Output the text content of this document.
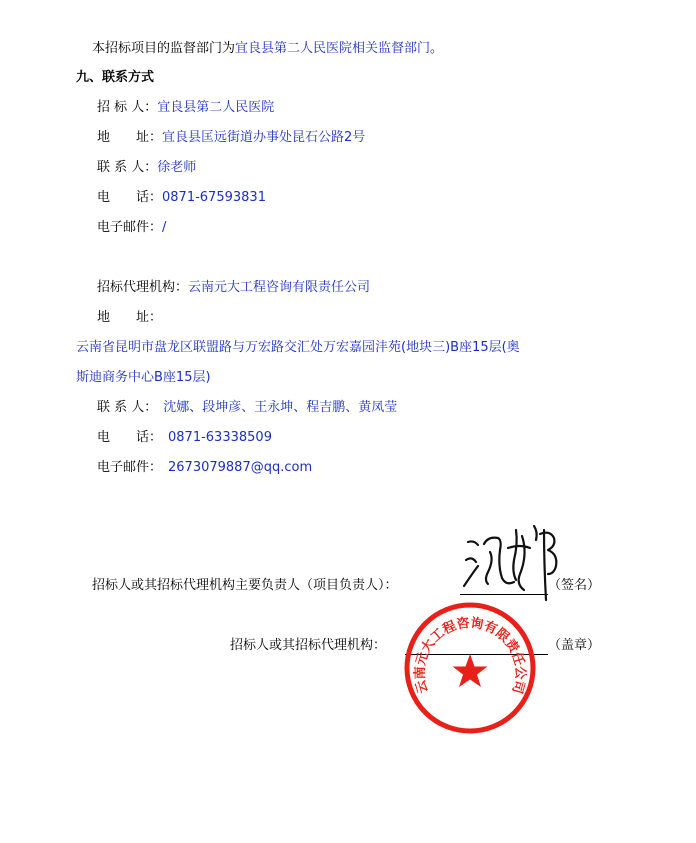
本招标项目的监督部门为宜良县第二人民医院相关监督部门。
九、联系方式
招 标 人：宜良县第二人民医院
地　　址：宜良县匡远街道办事处昆石公路2号
联 系 人：徐老师
电　　话：0871-67593831
电子邮件：/
招标代理机构：云南元大工程咨询有限责任公司
地　　址：
云南省昆明市盘龙区联盟路与万宏路交汇处万宏嘉园沣苑(地块三)B座15层(奥
斯迪商务中心B座15层)
联 系 人： 沈娜、段坤彦、王永坤、程吉鹏、黄凤莹
电　　话： 0871-63338509
电子邮件： 2673079887@qq.com
招标人或其招标代理机构主要负责人（项目负责人）：	（签名）
招标人或其招标代理机构：	（盖章）
云南元大工程咨询有限责任公司
